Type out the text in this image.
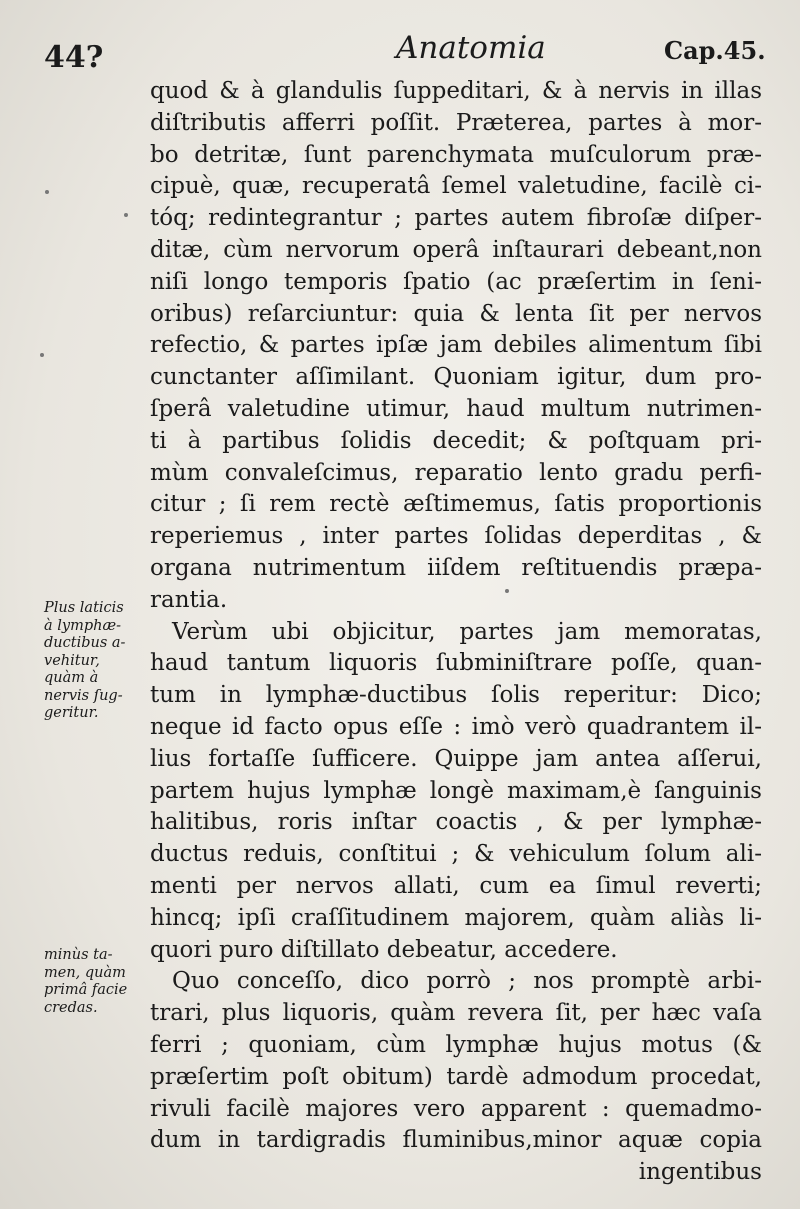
44?	Anatomia	Cap.45.
quod & à glandulis ſuppeditari, & à nervis in illas
diſtributis afferri poſſit. Præterea, partes à mor-
bo detritæ, ſunt parenchymata muſculorum præ-
cipuè, quæ, recuperatâ ſemel valetudine, facilè ci-
tóq; redintegrantur ; partes autem fibroſæ diſper-
ditæ, cùm nervorum operâ inſtaurari debeant,non
niſi longo temporis ſpatio (ac præſertim in ſeni-
oribus) reſarciuntur: quia & lenta ſit per nervos
refectio, & partes ipſæ jam debiles alimentum ſibi
cunctanter aſſimilant. Quoniam igitur, dum pro-
ſperâ valetudine utimur, haud multum nutrimen-
ti à partibus ſolidis decedit; & poſtquam pri-
mùm convaleſcimus, reparatio lento gradu perfi-
citur ; ſi rem rectè æſtimemus, ſatis proportionis
reperiemus , inter partes ſolidas deperditas , &
organa nutrimentum iiſdem reſtituendis præpa-
rantia.
Verùm ubi objicitur, partes jam memoratas,
haud tantum liquoris ſubminiſtrare poſſe, quan-
tum in lymphæ-ductibus ſolis reperitur: Dico;
neque id facto opus eſſe : imò verò quadrantem il-
lius fortaſſe ſufficere. Quippe jam antea aſſerui,
partem hujus lymphæ longè maximam,è ſanguinis
halitibus, roris inſtar coactis , & per lymphæ-
ductus reduis, conſtitui ; & vehiculum ſolum ali-
menti per nervos allati, cum ea ſimul reverti;
hincq; ipſi craſſitudinem majorem, quàm aliàs li-
quori puro diſtillato debeatur, accedere.
Quo conceſſo, dico porrò ; nos promptè arbi-
trari, plus liquoris, quàm revera ſit, per hæc vaſa
ferri ; quoniam, cùm lymphæ hujus motus (&
præſertim poſt obitum) tardè admodum procedat,
rivuli facilè majores vero apparent : quemadmo-
dum in tardigradis fluminibus,minor aquæ copia
ingentibus
Plus laticis
à lymphæ-
ductibus a-
vehitur,
quàm à
nervis ſug-
geritur.
minùs ta-
men, quàm
primâ facie
credas.
